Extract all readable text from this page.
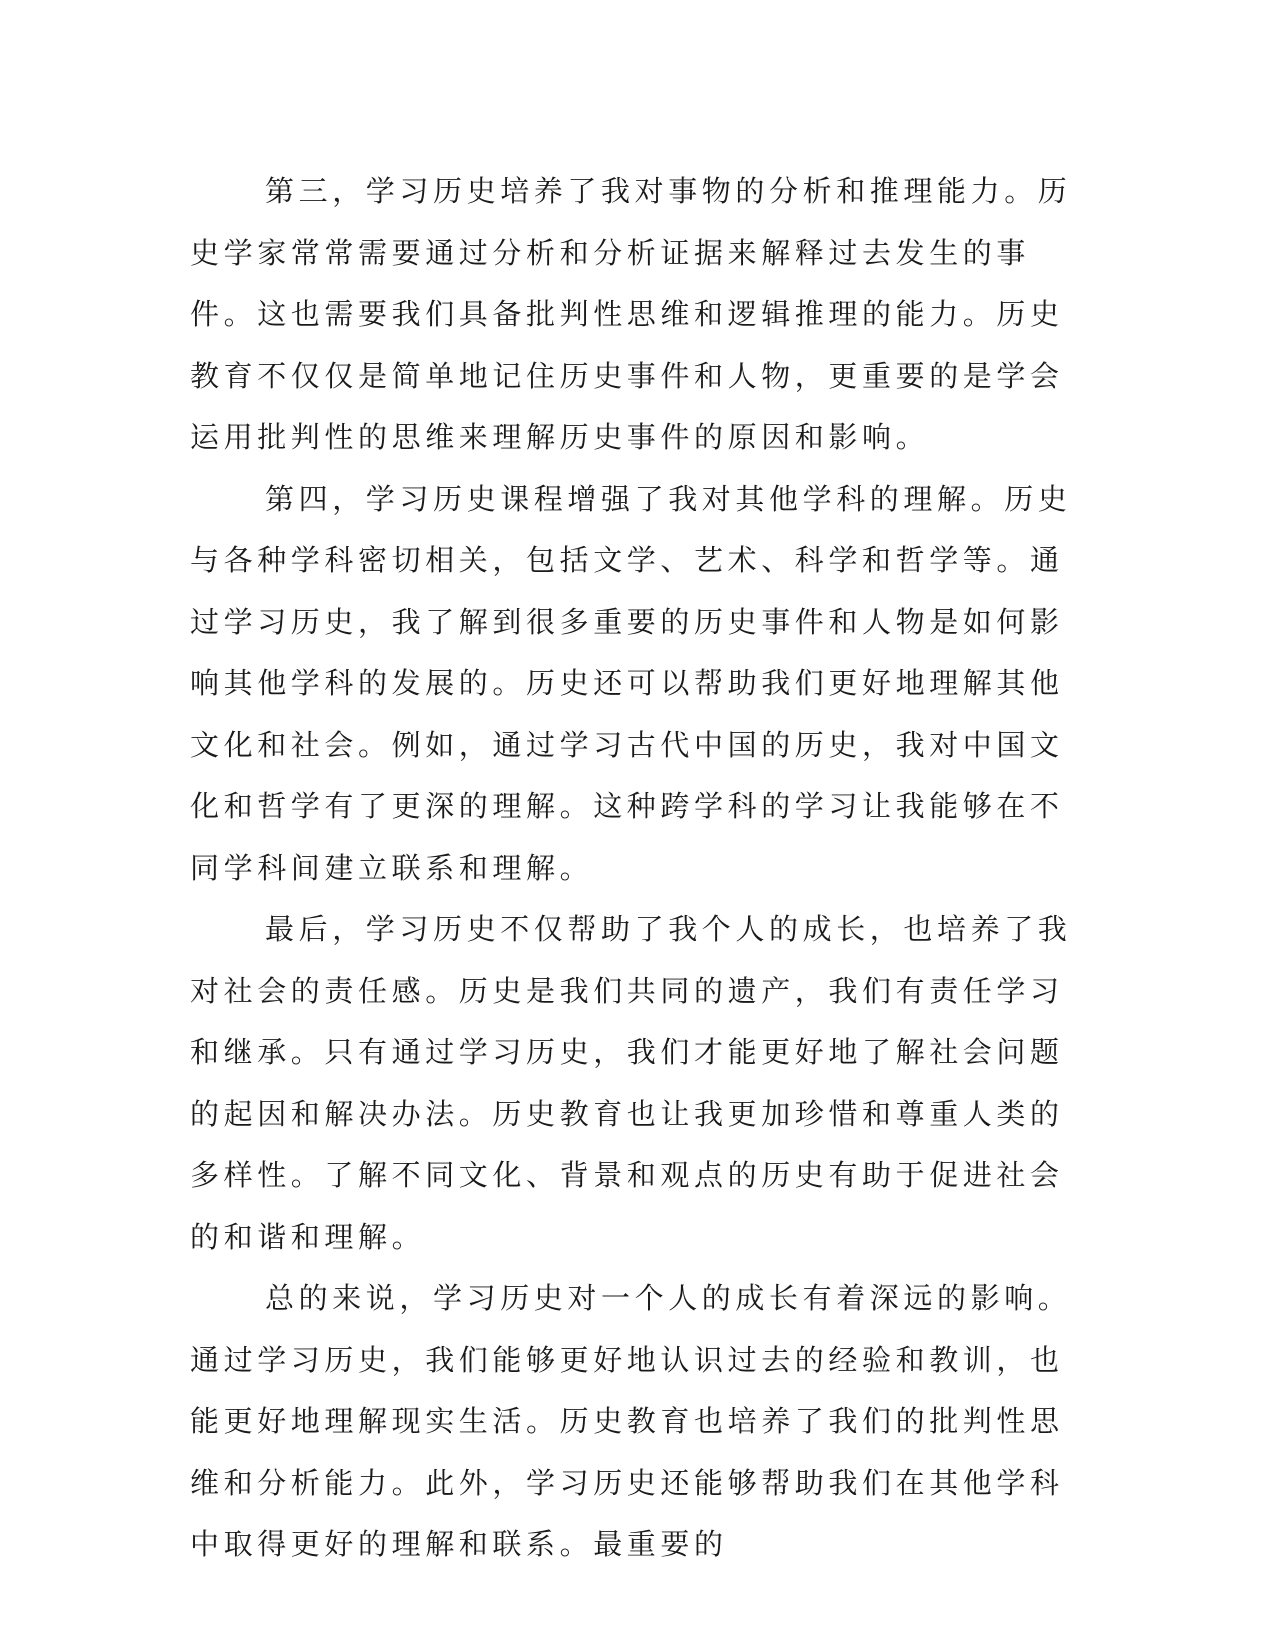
第三，学习历史培养了我对事物的分析和推理能力。历史学家常常需要通过分析和分析证据来解释过去发生的事件。这也需要我们具备批判性思维和逻辑推理的能力。历史教育不仅仅是简单地记住历史事件和人物，更重要的是学会运用批判性的思维来理解历史事件的原因和影响。

第四，学习历史课程增强了我对其他学科的理解。历史与各种学科密切相关，包括文学、艺术、科学和哲学等。通过学习历史，我了解到很多重要的历史事件和人物是如何影响其他学科的发展的。历史还可以帮助我们更好地理解其他文化和社会。例如，通过学习古代中国的历史，我对中国文化和哲学有了更深的理解。这种跨学科的学习让我能够在不同学科间建立联系和理解。

最后，学习历史不仅帮助了我个人的成长，也培养了我对社会的责任感。历史是我们共同的遗产，我们有责任学习和继承。只有通过学习历史，我们才能更好地了解社会问题的起因和解决办法。历史教育也让我更加珍惜和尊重人类的多样性。了解不同文化、背景和观点的历史有助于促进社会的和谐和理解。

总的来说，学习历史对一个人的成长有着深远的影响。通过学习历史，我们能够更好地认识过去的经验和教训，也能更好地理解现实生活。历史教育也培养了我们的批判性思维和分析能力。此外，学习历史还能够帮助我们在其他学科中取得更好的理解和联系。最重要的
